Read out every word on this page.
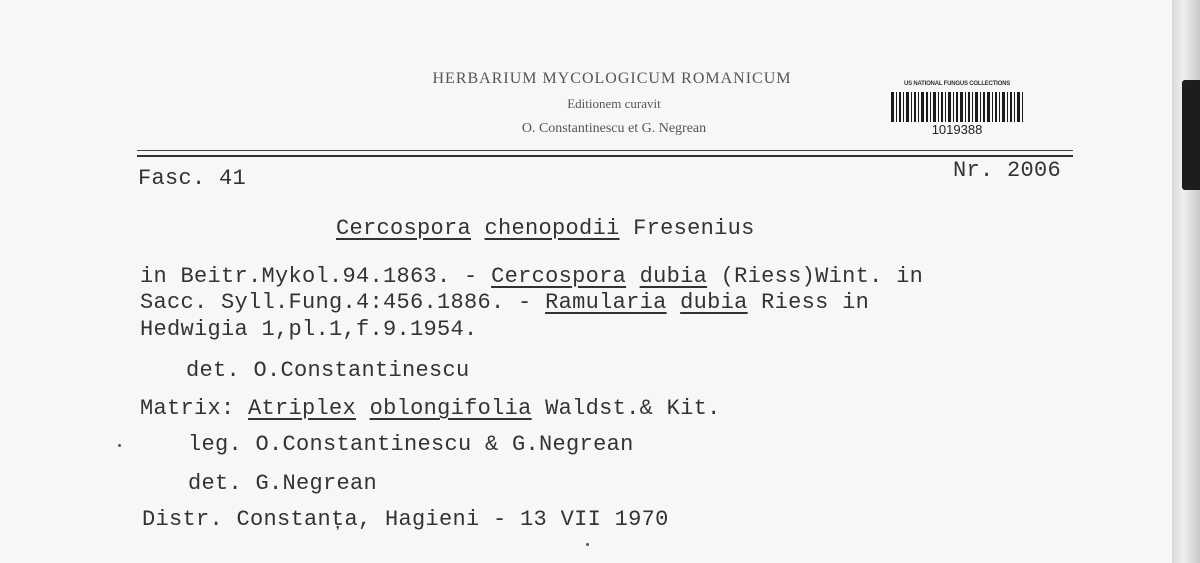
HERBARIUM MYCOLOGICUM ROMANICUM
Editionem curavit
O. Constantinescu et G. Negrean
US NATIONAL FUNGUS COLLECTIONS
1019388
Fasc. 41	Nr. 2006
Cercospora chenopodii Fresenius
in Beitr.Mykol.94.1863. - Cercospora dubia (Riess)Wint. in
Sacc. Syll.Fung.4:456.1886. - Ramularia dubia Riess in
Hedwigia 1,pl.1,f.9.1954.
det. O.Constantinescu
Matrix: Atriplex oblongifolia Waldst.& Kit.
leg. O.Constantinescu & G.Negrean
det. G.Negrean
Distr. Constanța, Hagieni - 13 VII 1970
